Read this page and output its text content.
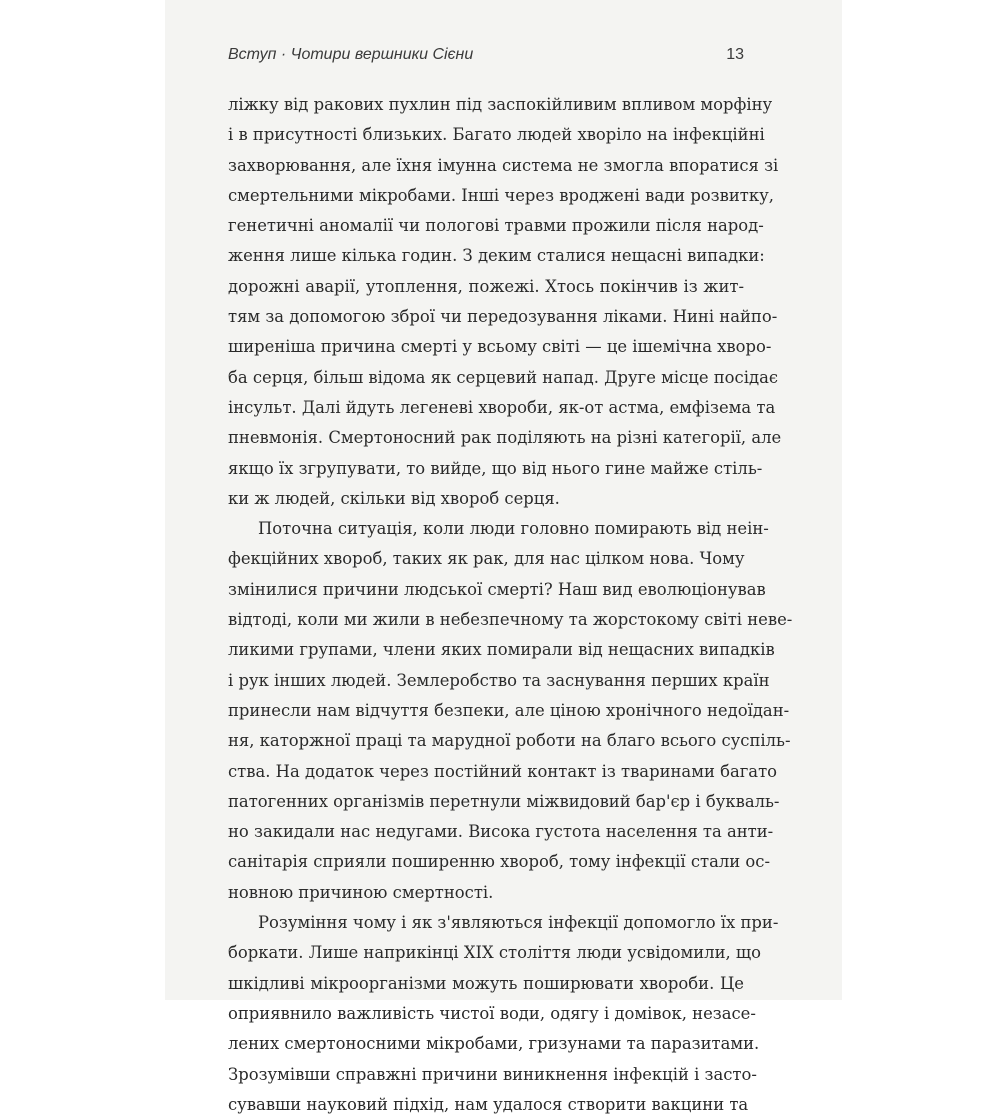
Вступ · Чотири вершники Сієни	13
ліжку від ракових пухлин під заспокійливим впливом морфіну
і в присутності близьких. Багато людей хворіло на інфекційні
захворювання, але їхня імунна система не змогла впоратися зі
смертельними мікробами. Інші через вроджені вади розвитку,
генетичні аномалії чи пологові травми прожили після народ-
ження лише кілька годин. З деким сталися нещасні випадки:
дорожні аварії, утоплення, пожежі. Хтось покінчив із жит-
тям за допомогою зброї чи передозування ліками. Нині найпо-
ширеніша причина смерті у всьому світі — це ішемічна хворо-
ба серця, більш відома як серцевий напад. Друге місце посідає
інсульт. Далі йдуть легеневі хвороби, як-от астма, емфізема та
пневмонія. Смертоносний рак поділяють на різні категорії, але
якщо їх згрупувати, то вийде, що від нього гине майже стіль-
ки ж людей, скільки від хвороб серця.
Поточна ситуація, коли люди головно помирають від неін-
фекційних хвороб, таких як рак, для нас цілком нова. Чому
змінилися причини людської смерті? Наш вид еволюціонував
відтоді, коли ми жили в небезпечному та жорстокому світі неве-
ликими групами, члени яких помирали від нещасних випадків
і рук інших людей. Землеробство та заснування перших країн
принесли нам відчуття безпеки, але ціною хронічного недоїдан-
ня, каторжної праці та марудної роботи на благо всього суспіль-
ства. На додаток через постійний контакт із тваринами багато
патогенних організмів перетнули міжвидовий бар'єр і букваль-
но закидали нас недугами. Висока густота населення та анти-
санітарія сприяли поширенню хвороб, тому інфекції стали ос-
новною причиною смертності.
Розуміння чому і як з'являються інфекції допомогло їх при-
боркати. Лише наприкінці XIX століття люди усвідомили, що
шкідливі мікроорганізми можуть поширювати хвороби. Це
оприявнило важливість чистої води, одягу і домівок, незасе-
лених смертоносними мікробами, гризунами та паразитами.
Зрозумівши справжні причини виникнення інфекцій і засто-
сувавши науковий підхід, нам удалося створити вакцини та
